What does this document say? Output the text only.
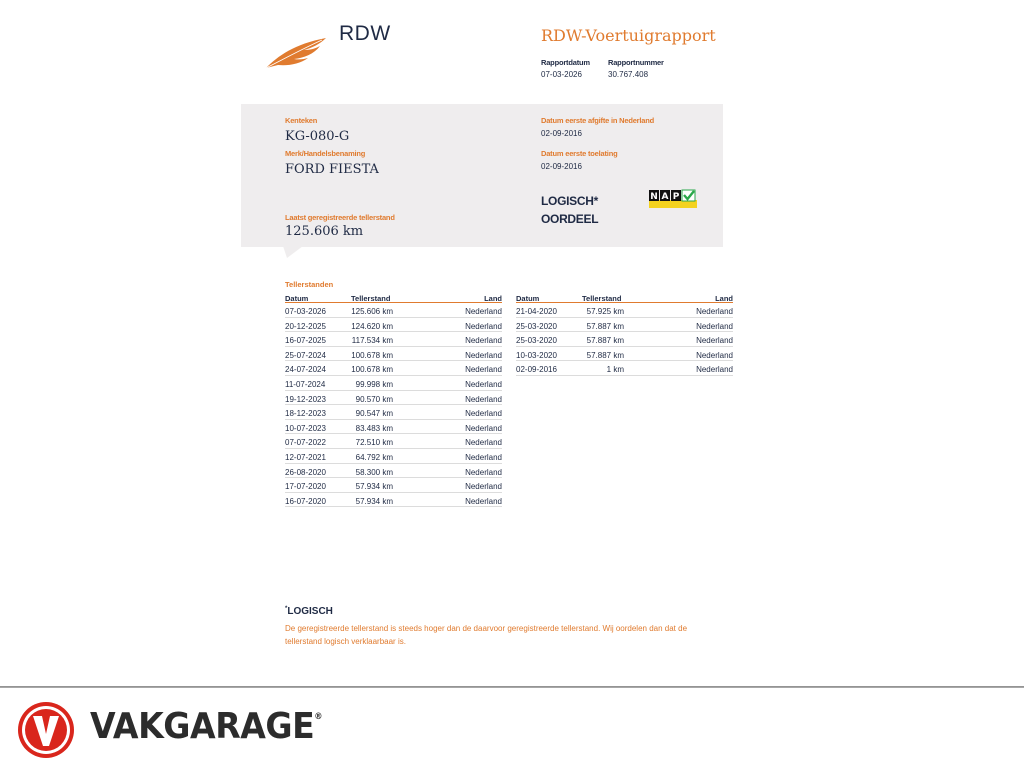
RDW	RDW-Voertuigrapport
Rapportdatum
07-03-2026
Rapportnummer
30.767.408
Kenteken
KG-080-G
Merk/Handelsbenaming
FORD FIESTA
Laatst geregistreerde tellerstand
125.606 km
Datum eerste afgifte in Nederland
02-09-2016
Datum eerste toelating
02-09-2016
LOGISCH*
OORDEEL
N A P
Tellerstanden
Datum	Tellerstand	Land
07-03-2026	125.606 km	Nederland
20-12-2025	124.620 km	Nederland
16-07-2025	117.534 km	Nederland
25-07-2024	100.678 km	Nederland
24-07-2024	100.678 km	Nederland
11-07-2024	99.998 km	Nederland
19-12-2023	90.570 km	Nederland
18-12-2023	90.547 km	Nederland
10-07-2023	83.483 km	Nederland
07-07-2022	72.510 km	Nederland
12-07-2021	64.792 km	Nederland
26-08-2020	58.300 km	Nederland
17-07-2020	57.934 km	Nederland
16-07-2020	57.934 km	Nederland
Datum	Tellerstand	Land
21-04-2020	57.925 km	Nederland
25-03-2020	57.887 km	Nederland
25-03-2020	57.887 km	Nederland
10-03-2020	57.887 km	Nederland
02-09-2016	1 km	Nederland
*LOGISCH
De geregistreerde tellerstand is steeds hoger dan de daarvoor geregistreerde tellerstand. Wij oordelen dan dat de tellerstand logisch verklaarbaar is.
VAKGARAGE®
